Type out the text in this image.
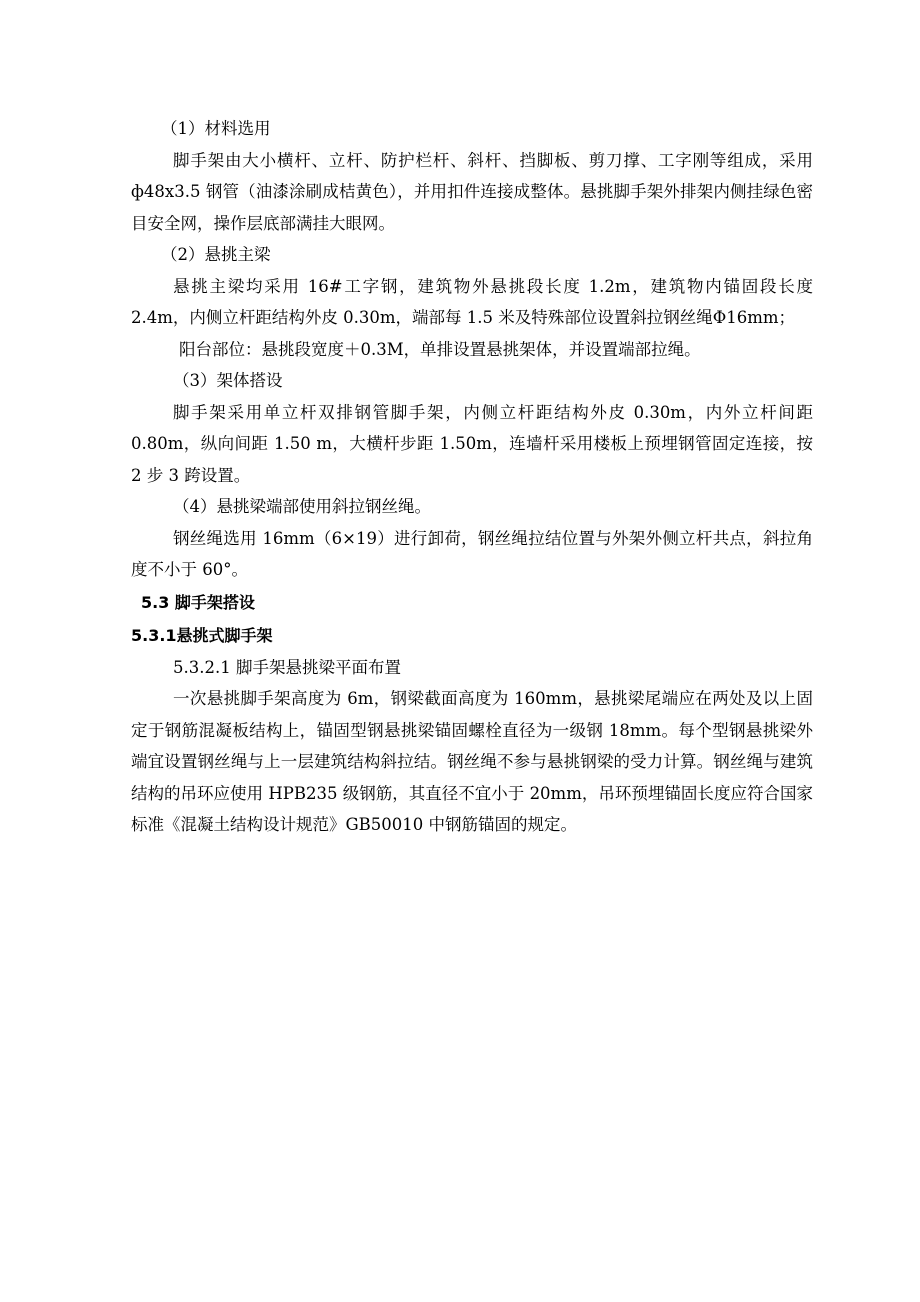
（1）材料选用

脚手架由大小横杆、立杆、防护栏杆、斜杆、挡脚板、剪刀撑、工字刚等组成，采用 ф48x3.5 钢管（油漆涂刷成桔黄色），并用扣件连接成整体。悬挑脚手架外排架内侧挂绿色密目安全网，操作层底部满挂大眼网。

（2）悬挑主梁

悬挑主梁均采用 16#工字钢，建筑物外悬挑段长度 1.2m，建筑物内锚固段长度 2.4m，内侧立杆距结构外皮 0.30m，端部每 1.5 米及特殊部位设置斜拉钢丝绳Φ16mm；

阳台部位：悬挑段宽度＋0.3M，单排设置悬挑架体，并设置端部拉绳。

（3）架体搭设

脚手架采用单立杆双排钢管脚手架，内侧立杆距结构外皮 0.30m，内外立杆间距 0.80m，纵向间距 1.50 m，大横杆步距 1.50m，连墙杆采用楼板上预埋钢管固定连接，按 2 步 3 跨设置。

（4）悬挑梁端部使用斜拉钢丝绳。

钢丝绳选用 16mm（6×19）进行卸荷，钢丝绳拉结位置与外架外侧立杆共点，斜拉角度不小于 60°。

5.3 脚手架搭设

5.3.1悬挑式脚手架

5.3.2.1 脚手架悬挑梁平面布置

一次悬挑脚手架高度为 6m，钢梁截面高度为 160mm，悬挑梁尾端应在两处及以上固定于钢筋混凝板结构上，锚固型钢悬挑梁锚固螺栓直径为一级钢 18mm。每个型钢悬挑梁外端宜设置钢丝绳与上一层建筑结构斜拉结。钢丝绳不参与悬挑钢梁的受力计算。钢丝绳与建筑结构的吊环应使用 HPB235 级钢筋，其直径不宜小于 20mm，吊环预埋锚固长度应符合国家标准《混凝土结构设计规范》GB50010 中钢筋锚固的规定。
